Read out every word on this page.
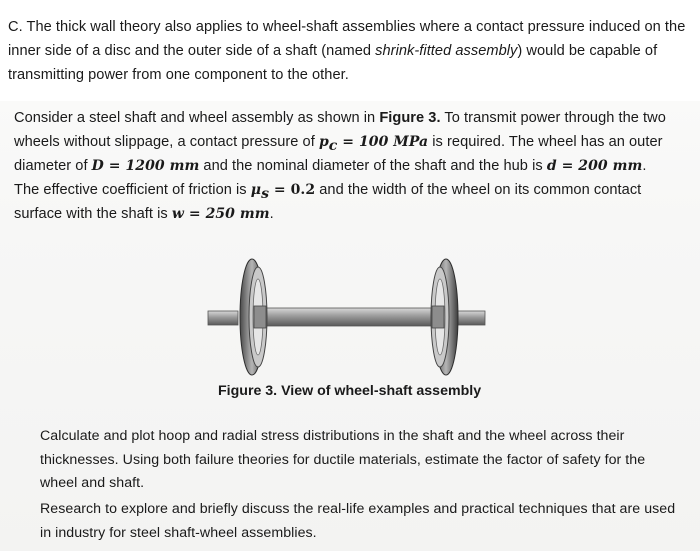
C. The thick wall theory also applies to wheel-shaft assemblies where a contact pressure induced on the inner side of a disc and the outer side of a shaft (named shrink-fitted assembly) would be capable of transmitting power from one component to the other.

Consider a steel shaft and wheel assembly as shown in Figure 3. To transmit power through the two wheels without slippage, a contact pressure of $p_c = 100$ MPa is required. The wheel has an outer diameter of D = 1200 mm and the nominal diameter of the shaft and the hub is d = 200 mm. The effective coefficient of friction is $\mu_s = 0.2$ and the width of the wheel on its common contact surface with the shaft is w = 250 mm.

Figure 3. View of wheel-shaft assembly

Calculate and plot hoop and radial stress distributions in the shaft and the wheel across their thicknesses. Using both failure theories for ductile materials, estimate the factor of safety for the wheel and shaft.

Research to explore and briefly discuss the real-life examples and practical techniques that are used in industry for steel shaft-wheel assemblies.
